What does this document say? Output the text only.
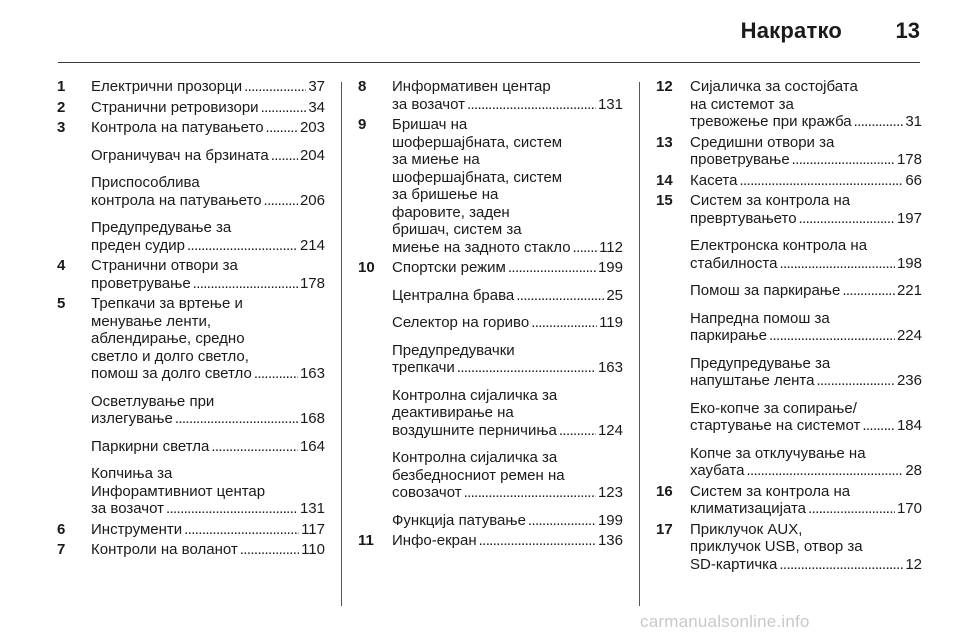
Накратко 13
1	Електрични прозорци . . .	37
2	Странични ретровизори . . .	34
3	Контрола на патувањето . . . 203
Ограничувач на брзината . . . 204
Приспособлива
контрола на патувањето . . .	206
Предупредување за
преден судир . . .	214
4	Странични отвори за
проветрување . . .	178
5	Трепкачи за вртење и
менување ленти,
аблендирање, средно
светло и долго светло,
помош за долго светло . . .	163
Осветлување при
излегување . . .	168
Паркирни светла . . .	164
Копчиња за
Инфорамтивниот центар
за возачот . . .	131
6	Инструменти . . .	117
7	Контроли на воланот . . .	110
8	Информативен центар
за возачот . . .	131
9	Бришач на
шофершајбната, систем
за миење на
шофершајбната, систем
за бришење на
фаровите, заден
бришач, систем за
миење на задното стакло . . . 112
10	Спортски режим . . .	199
Централна брава . . .	25
Селектор на гориво . . .	119
Предупредувачки
трепкачи . . .	163
Контролна сијаличка за
деактивирање на
воздушните перничиња . . .	124
Контролна сијаличка за
безбедносниот ремен на
совозачот . . .	123
Функција патување . . .	199
11	Инфо-екран . . .	136
12	Сијаличка за состојбата
на системот за
тревожење при кражба . . .	31
13	Средишни отвори за
проветрување . . .	178
14	Касета . . .	66
15	Систем за контрола на
превртувањето . . .	197
Електронска контрола на
стабилноста . . .	198
Помош за паркирање . . .	221
Напредна помош за
паркирање . . .	224
Предупредување за
напуштање лента . . .	236
Еко-копче за сопирање/
стартување на системот . . . 184
Копче за отклучување на
хаубата . . .	28
16	Систем за контрола на
климатизацијата . . .	170
17	Приклучок AUX,
приклучок USB, отвор за
SD-картичка . . .	12
carmanualsonline.info
